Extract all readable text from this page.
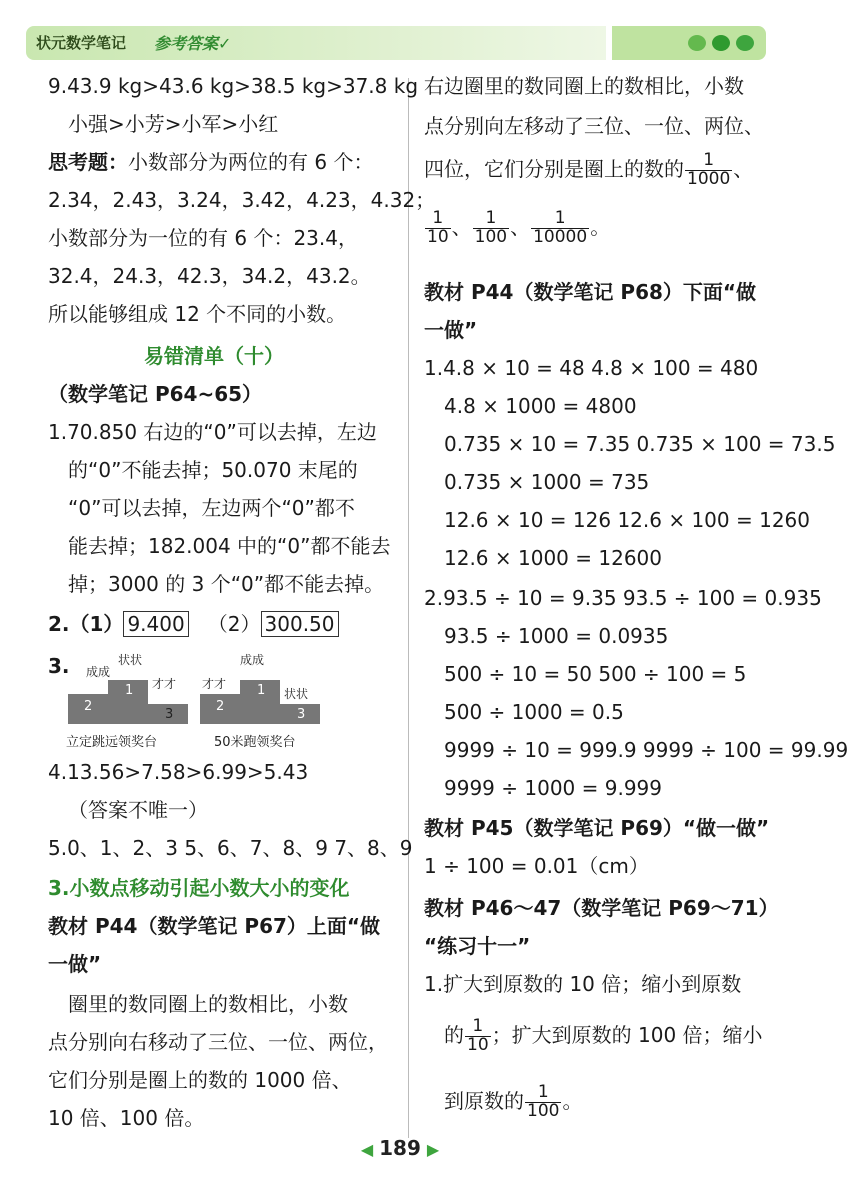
状元数学笔记 参考答案✓
9.43.9 kg>43.6 kg>38.5 kg>37.8 kg
小强>小芳>小军>小红
思考题：小数部分为两位的有 6 个：
2.34，2.43，3.24，3.42，4.23，4.32；
小数部分为一位的有 6 个：23.4，
32.4，24.3，42.3，34.2，43.2。
所以能够组成 12 个不同的小数。
易错清单（十）
（数学笔记 P64~65）
1.70.850 右边的“0”可以去掉，左边
的“0”不能去掉；50.070 末尾的
“0”可以去掉，左边两个“0”都不
能去掉；182.004 中的“0”都不能去
掉；3000 的 3 个“0”都不能去掉。
2.（1） 9.400 （2） 300.50
3. 成成
状状
才才
1
2
3
立定跳远领奖台
才才
成成
状状
1
2
3
50米跑领奖台
4.13.56>7.58>6.99>5.43
（答案不唯一）
5.0、1、2、3 5、6、7、8、9 7、8、9
3.小数点移动引起小数大小的变化
教材 P44（数学笔记 P67）上面“做
一做”
圈里的数同圈上的数相比，小数
点分别向右移动了三位、一位、两位，
它们分别是圈上的数的 1000 倍、
10 倍、100 倍。
右边圈里的数同圈上的数相比，小数
点分别向左移动了三位、一位、两位、
四位，它们分别是圈上的数的 $\frac{1}{1000}$ 、
$\frac{1}{10}$ 、 $\frac{1}{100}$ 、 $\frac{1}{10000}$ 。
教材 P44（数学笔记 P68）下面“做
一做”
1.4.8 × 10 = 48 4.8 × 100 = 480
4.8 × 1000 = 4800
0.735 × 10 = 7.35 0.735 × 100 = 73.5
0.735 × 1000 = 735
12.6 × 10 = 126 12.6 × 100 = 1260
12.6 × 1000 = 12600
2.93.5 ÷ 10 = 9.35 93.5 ÷ 100 = 0.935
93.5 ÷ 1000 = 0.0935
500 ÷ 10 = 50 500 ÷ 100 = 5
500 ÷ 1000 = 0.5
9999 ÷ 10 = 999.9 9999 ÷ 100 = 99.99
9999 ÷ 1000 = 9.999
教材 P45（数学笔记 P69）“做一做”
1 ÷ 100 = 0.01（cm）
教材 P46～47（数学笔记 P69～71）
“练习十一”
1.扩大到原数的 10 倍；缩小到原数
的 $\frac{1}{10}$ ；扩大到原数的 100 倍；缩小
到原数的 $\frac{1}{100}$ 。
◀ 189 ▶
